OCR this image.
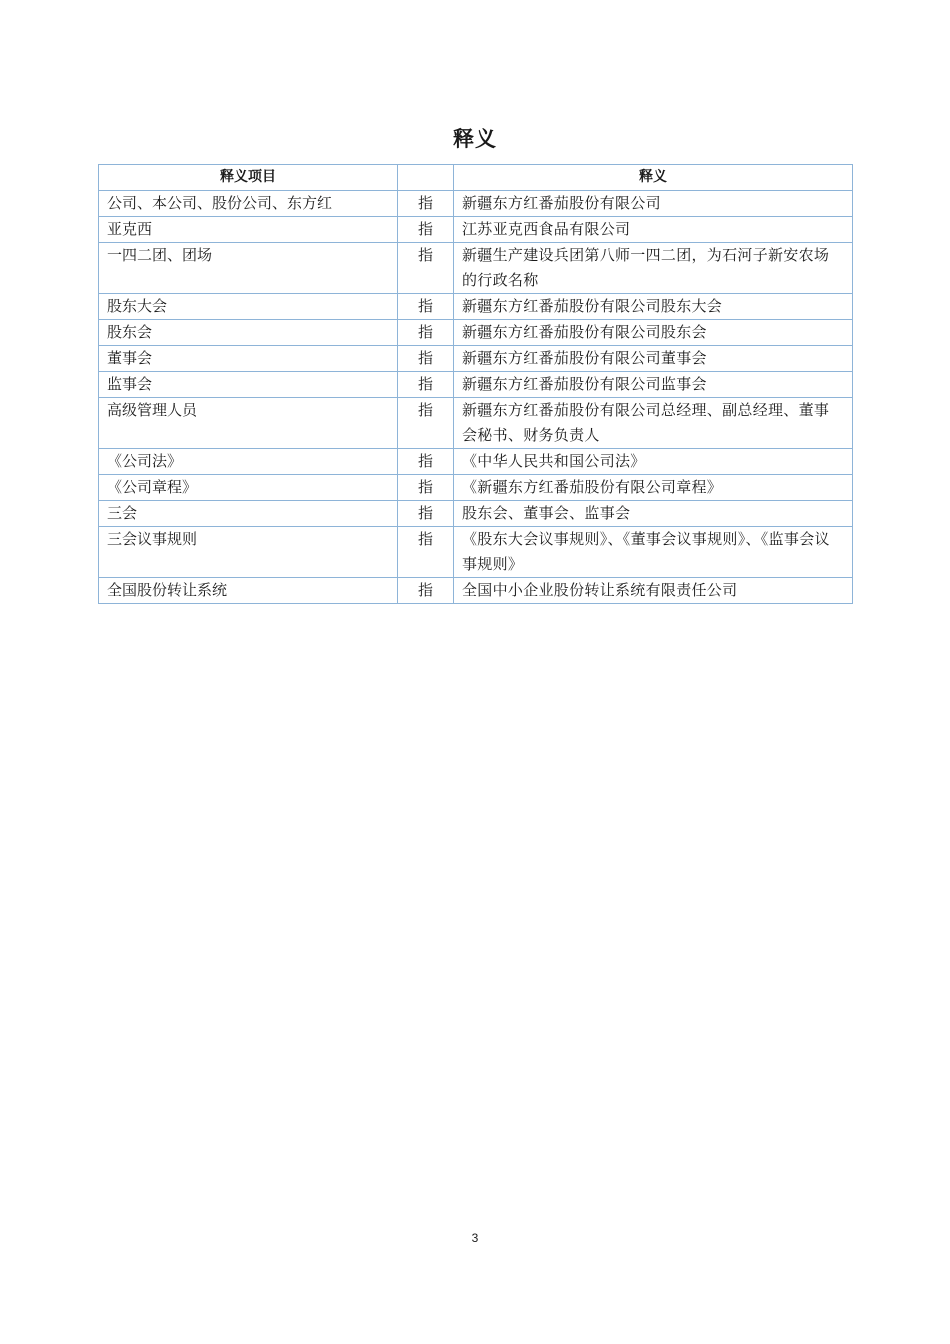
释义
释义项目		释义
公司、本公司、股份公司、东方红	指	新疆东方红番茄股份有限公司
亚克西	指	江苏亚克西食品有限公司
一四二团、团场	指	新疆生产建设兵团第八师一四二团，为石河子新安农场的行政名称
股东大会	指	新疆东方红番茄股份有限公司股东大会
股东会	指	新疆东方红番茄股份有限公司股东会
董事会	指	新疆东方红番茄股份有限公司董事会
监事会	指	新疆东方红番茄股份有限公司监事会
高级管理人员	指	新疆东方红番茄股份有限公司总经理、副总经理、董事会秘书、财务负责人
《公司法》	指	《中华人民共和国公司法》
《公司章程》	指	《新疆东方红番茄股份有限公司章程》
三会	指	股东会、董事会、监事会
三会议事规则	指	《股东大会议事规则》、《董事会议事规则》、《监事会议事规则》
全国股份转让系统	指	全国中小企业股份转让系统有限责任公司
3
